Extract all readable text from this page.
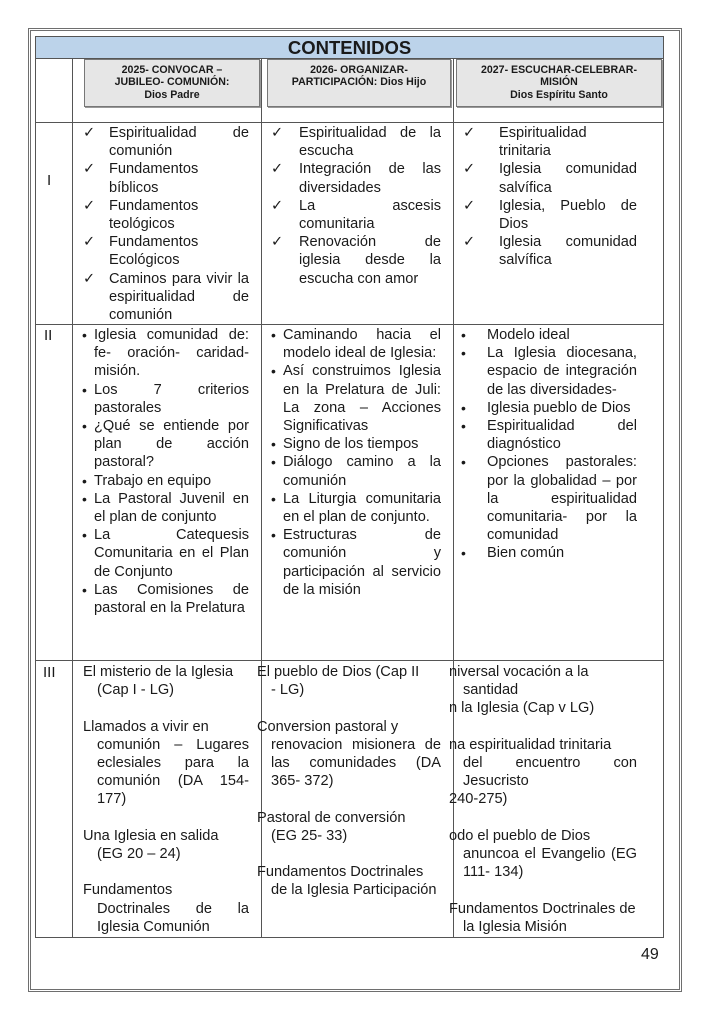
CONTENIDOS
2025- CONVOCAR –
JUBILEO- COMUNIÓN:
Dios Padre
2026- ORGANIZAR-
PARTICIPACIÓN: Dios Hijo
2027- ESCUCHAR-CELEBRAR-
MISIÓN
Dios Espíritu Santo
I
✓ Espiritualidad de comunión
✓ Fundamentos bíblicos
✓ Fundamentos teológicos
✓ Fundamentos Ecológicos
✓ Caminos para vivir la espiritualidad de comunión
✓ Espiritualidad de la escucha
✓ Integración de las diversidades
✓ La ascesis comunitaria
✓ Renovación de iglesia desde la escucha con amor
✓ Espiritualidad trinitaria
✓ Iglesia comunidad salvífica
✓ Iglesia, Pueblo de Dios
✓ Iglesia comunidad salvífica
II • Iglesia comunidad de: fe- oración- caridad- misión.
• Los 7 criterios pastorales
• ¿Qué se entiende por plan de acción pastoral?
• Trabajo en equipo
• La Pastoral Juvenil en el plan de conjunto
• La Catequesis Comunitaria en el Plan de Conjunto
• Las Comisiones de pastoral en la Prelatura
• Caminando hacia el modelo ideal de Iglesia:
• Así construimos Iglesia en la Prelatura de Juli: La zona – Acciones Significativas
• Signo de los tiempos
• Diálogo camino a la comunión
• La Liturgia comunitaria en el plan de conjunto.
• Estructuras de comunión y participación al servicio de la misión
• Modelo ideal
• La Iglesia diocesana, espacio de integración de las diversidades-
• Iglesia pueblo de Dios
• Espiritualidad del diagnóstico
• Opciones pastorales: por la globalidad – por la espiritualidad comunitaria- por la comunidad
• Bien común
III El misterio de la Iglesia
(Cap I - LG)

Llamados a vivir en
comunión – Lugares eclesiales para la comunión (DA 154- 177)

Una Iglesia en salida
(EG 20 – 24)

Fundamentos
Doctrinales de la Iglesia Comunión

El pueblo de Dios (Cap II
- LG)

Conversion pastoral y
renovacion misionera de las comunidades (DA 365- 372)

Pastoral de conversión
(EG 25- 33)

Fundamentos Doctrinales
de la Iglesia Participación

niversal vocación a la
santidad

n la Iglesia (Cap v LG)

na espiritualidad trinitaria
del encuentro con Jesucristo

240-275)

odo el pueblo de Dios
anuncoa el Evangelio (EG 111- 134)

Fundamentos Doctrinales de
la Iglesia Misión

49
